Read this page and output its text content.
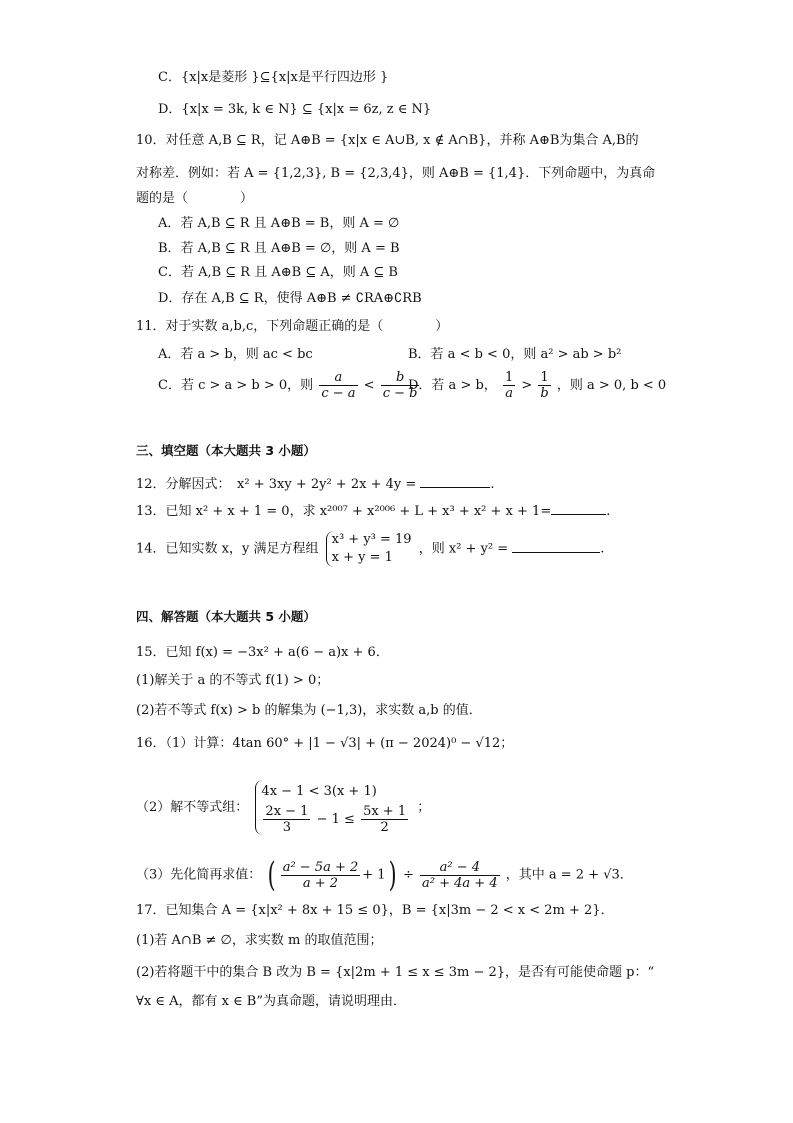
C．{x|x是菱形 }⊆{x|x是平行四边形 }
D．{x|x = 3k, k ∈ N} ⊆ {x|x = 6z, z ∈ N}
10．对任意 A,B ⊆ R，记 A⊕B = {x|x ∈ A∪B, x ∉ A∩B}，并称 A⊕B为集合 A,B的
对称差．例如：若 A = {1,2,3}, B = {2,3,4}，则 A⊕B = {1,4}．下列命题中，为真命
题的是（　　　　）
A．若 A,B ⊆ R 且 A⊕B = B，则 A = ∅
B．若 A,B ⊆ R 且 A⊕B = ∅，则 A = B
C．若 A,B ⊆ R 且 A⊕B ⊆ A，则 A ⊆ B
D．存在 A,B ⊆ R，使得 A⊕B ≠ ∁RA⊕∁RB
11．对于实数 a,b,c，下列命题正确的是（　　　　）
A．若 a > b，则 ac < bc	B．若 a < b < 0，则 a² > ab > b²
C．若 c > a > b > 0，则 $\frac{a}{c - a} < \frac{b}{c - b}$
D．若 a > b， $\frac{1}{a} > \frac{1}{b}$ ，则 a > 0, b < 0
三、填空题（本大题共 3 小题）
12．分解因式：　x² + 3xy + 2y² + 2x + 4y =	.
13．已知 x² + x + 1 = 0，求 x²⁰⁰⁷ + x²⁰⁰⁶ + L + x³ + x² + x + 1=	.
14．已知实数 x，y 满足方程组
x³ + y³ = 19
x + y = 1
，则 x² + y² =	.
四、解答题（本大题共 5 小题）
15．已知 f(x) = −3x² + a(6 − a)x + 6．
(1)解关于 a 的不等式 f(1) > 0；
(2)若不等式 f(x) > b 的解集为 (−1,3)，求实数 a,b 的值．
16．（1）计算：4tan 60° + |1 − √3| + (π − 2024)⁰ − √12；
（2）解不等式组：
4x − 1 < 3(x + 1)
$\frac{2x - 1}{3} - 1 \le \frac{5x + 1}{2}$ ；
（3）先化简再求值： ( $\frac{\text{a² − 5a + 2}}{a + 2} + 1) \div \frac{\text{a² − 4}}{\text{a² + 4a + 4}}$ ，其中 a = 2 + √3．
17．已知集合 A = {x|x² + 8x + 15 ≤ 0}，B = {x|3m − 2 < x < 2m + 2}．
(1)若 A∩B ≠ ∅，求实数 m 的取值范围；
(2)若将题干中的集合 B 改为 B = {x|2m + 1 ≤ x ≤ 3m − 2}，是否有可能使命题 p：“
∀x ∈ A，都有 x ∈ B”为真命题，请说明理由．
